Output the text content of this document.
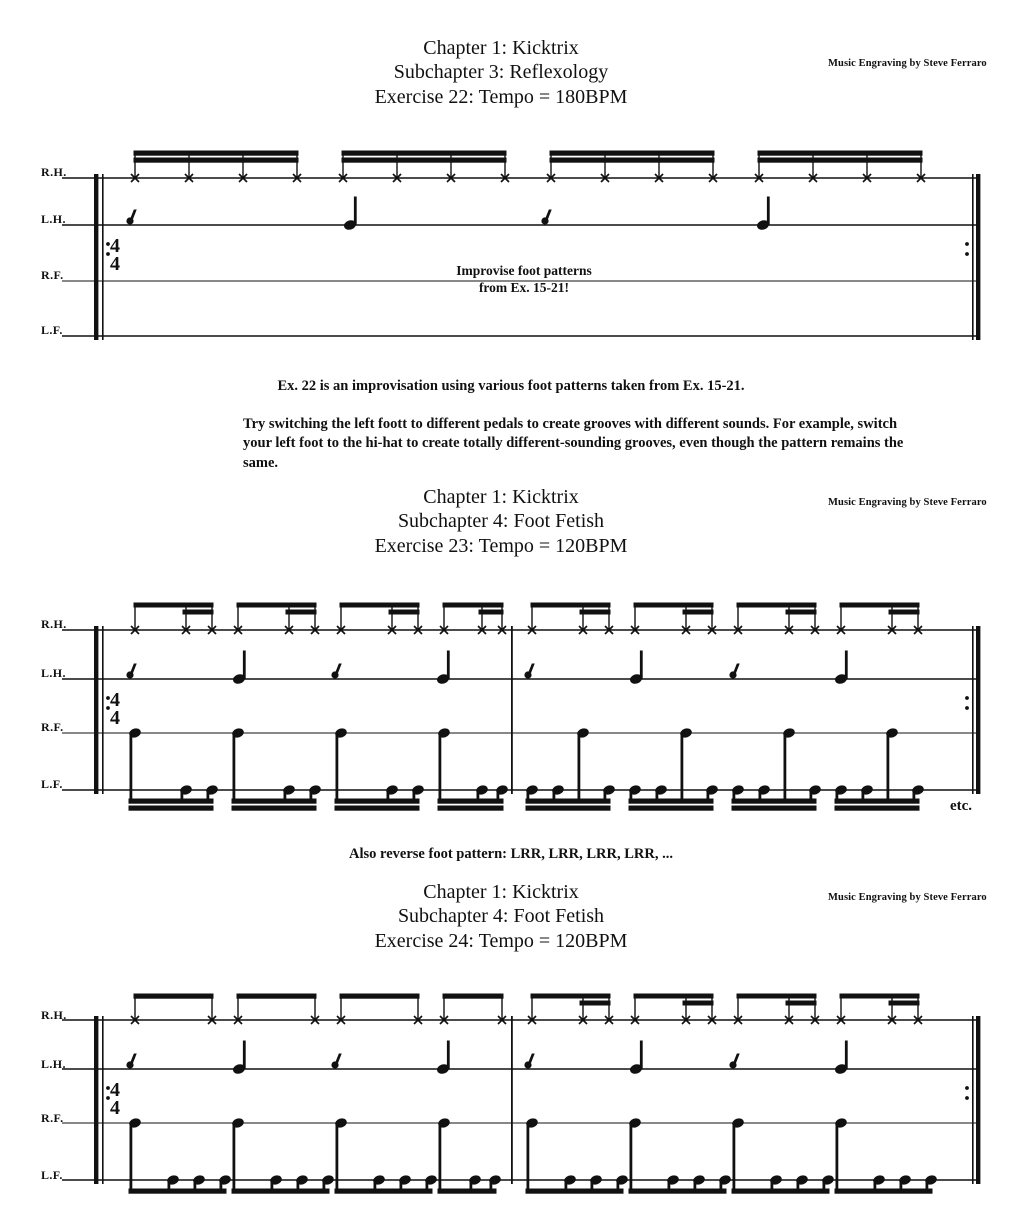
Chapter 1: Kicktrix
Subchapter 3: Reflexology
Exercise 22: Tempo = 180BPM
Music Engraving by Steve Ferraro
R.H.
L.H.
R.F.
L.F.
4
4	Improvise foot patterns
from Ex. 15-21!
Ex. 22 is an improvisation using various foot patterns taken from Ex. 15-21.
Try switching the left foott to different pedals to create grooves with different sounds. For example, switch your left foot to the hi-hat to create totally different-sounding grooves, even though the pattern remains the same.
Chapter 1: Kicktrix
Subchapter 4: Foot Fetish
Exercise 23: Tempo = 120BPM
Music Engraving by Steve Ferraro
R.H.
L.H.
R.F.
L.F.
4
4
etc.
Also reverse foot pattern: LRR, LRR, LRR, LRR, ...
Chapter 1: Kicktrix
Subchapter 4: Foot Fetish
Exercise 24: Tempo = 120BPM
Music Engraving by Steve Ferraro
R.H.
L.H.
R.F.
L.F.
4
4
